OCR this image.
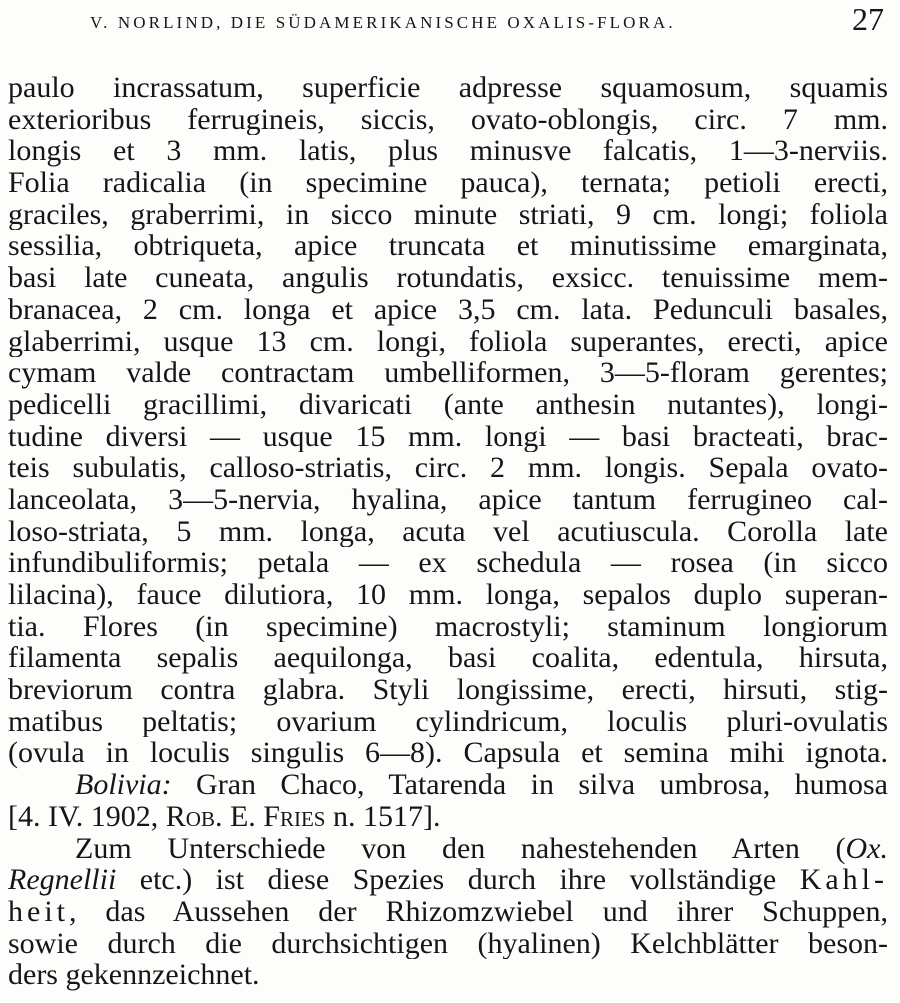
V. NORLIND, DIE SÜDAMERIKANISCHE OXALIS-FLORA.	27
paulo incrassatum, superficie adpresse squamosum, squamis
exterioribus ferrugineis, siccis, ovato-oblongis, circ. 7 mm.
longis et 3 mm. latis, plus minusve falcatis, 1—3-nerviis.
Folia radicalia (in specimine pauca), ternata; petioli erecti,
graciles, graberrimi, in sicco minute striati, 9 cm. longi; foliola
sessilia, obtriqueta, apice truncata et minutissime emarginata,
basi late cuneata, angulis rotundatis, exsicc. tenuissime mem-
branacea, 2 cm. longa et apice 3,5 cm. lata. Pedunculi basales,
glaberrimi, usque 13 cm. longi, foliola superantes, erecti, apice
cymam valde contractam umbelliformen, 3—5-floram gerentes;
pedicelli gracillimi, divaricati (ante anthesin nutantes), longi-
tudine diversi — usque 15 mm. longi — basi bracteati, brac-
teis subulatis, calloso-striatis, circ. 2 mm. longis. Sepala ovato-
lanceolata, 3—5-nervia, hyalina, apice tantum ferrugineo cal-
loso-striata, 5 mm. longa, acuta vel acutiuscula. Corolla late
infundibuliformis; petala — ex schedula — rosea (in sicco
lilacina), fauce dilutiora, 10 mm. longa, sepalos duplo superan-
tia. Flores (in specimine) macrostyli; staminum longiorum
filamenta sepalis aequilonga, basi coalita, edentula, hirsuta,
breviorum contra glabra. Styli longissime, erecti, hirsuti, stig-
matibus peltatis; ovarium cylindricum, loculis pluri-ovulatis
(ovula in loculis singulis 6—8). Capsula et semina mihi ignota.
Bolivia: Gran Chaco, Tatarenda in silva umbrosa, humosa
[4. IV. 1902, Rob. E. Fries n. 1517].
Zum Unterschiede von den nahestehenden Arten (Ox.
Regnellii etc.) ist diese Spezies durch ihre vollständige Kahl-
heit, das Aussehen der Rhizomzwiebel und ihrer Schuppen,
sowie durch die durchsichtigen (hyalinen) Kelchblätter beson-
ders gekennzeichnet.
